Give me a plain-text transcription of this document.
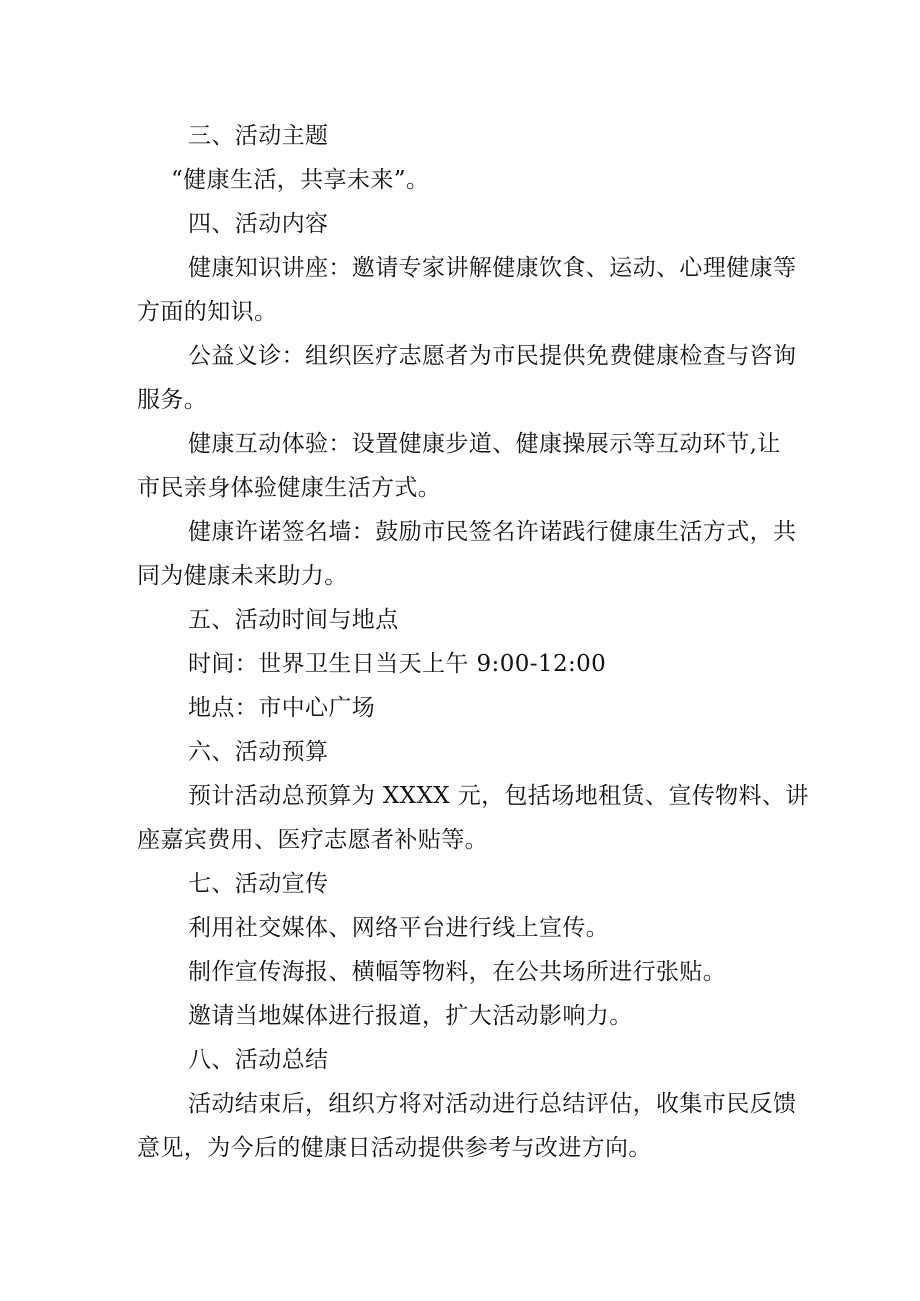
三、活动主题
“健康生活，共享未来”。
四、活动内容
健康知识讲座：邀请专家讲解健康饮食、运动、心理健康等
方面的知识。
公益义诊：组织医疗志愿者为市民提供免费健康检查与咨询
服务。
健康互动体验：设置健康步道、健康操展示等互动环节,让
市民亲身体验健康生活方式。
健康许诺签名墙：鼓励市民签名许诺践行健康生活方式，共
同为健康未来助力。
五、活动时间与地点
时间：世界卫生日当天上午 9:00-12:00
地点：市中心广场
六、活动预算
预计活动总预算为 XXXX 元，包括场地租赁、宣传物料、讲
座嘉宾费用、医疗志愿者补贴等。
七、活动宣传
利用社交媒体、网络平台进行线上宣传。
制作宣传海报、横幅等物料，在公共场所进行张贴。
邀请当地媒体进行报道，扩大活动影响力。
八、活动总结
活动结束后，组织方将对活动进行总结评估，收集市民反馈
意见，为今后的健康日活动提供参考与改进方向。
